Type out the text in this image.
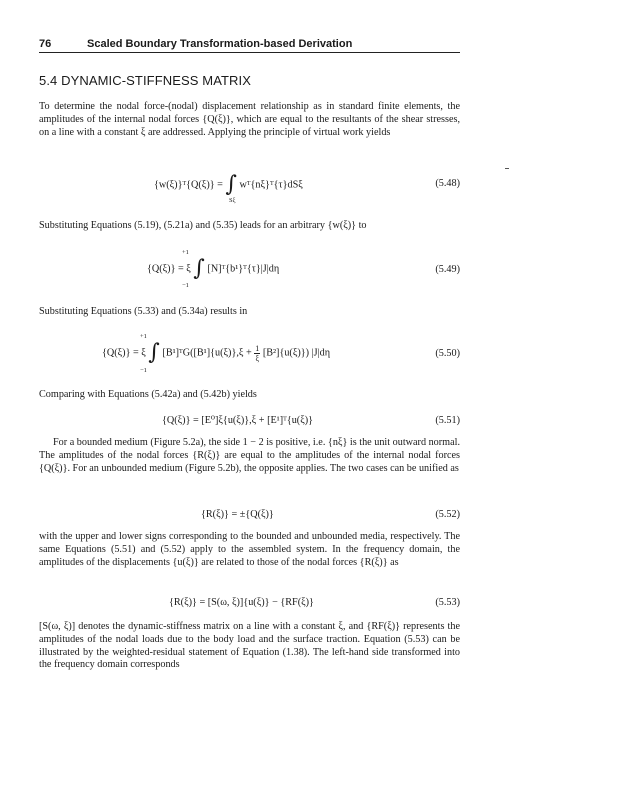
76	Scaled Boundary Transformation-based Derivation
5.4 DYNAMIC-STIFFNESS MATRIX
To determine the nodal force-(nodal) displacement relationship as in standard finite elements, the amplitudes of the internal nodal forces {Q(ξ)}, which are equal to the resultants of the shear stresses, on a line with a constant ξ are addressed. Applying the principle of virtual work yields
{w(ξ)}ᵀ{Q(ξ)} = ∫ wᵀ{nξ}ᵀ{τ}dSξ
Sξ
(5.48)
Substituting Equations (5.19), (5.21a) and (5.35) leads for an arbitrary {w(ξ)} to
+1
{Q(ξ)} = ξ ∫ [N]ᵀ{b¹}ᵀ{τ}|J|dη
−1
(5.49)
Substituting Equations (5.33) and (5.34a) results in
+1
{Q(ξ)} = ξ ∫ [B¹]ᵀG([B¹]{u(ξ)},ξ + $\frac{1}{\xi} [B^2]\{u(\xi)\}$) |J|dη
−1
(5.50)
Comparing with Equations (5.42a) and (5.42b) yields
{Q(ξ)} = [E⁰]ξ{u(ξ)},ξ + [E¹]ᵀ{u(ξ)}	(5.51)
For a bounded medium (Figure 5.2a), the side 1 − 2 is positive, i.e. {nξ} is the unit outward normal. The amplitudes of the nodal forces {R(ξ)} are equal to the amplitudes of the internal nodal forces {Q(ξ)}. For an unbounded medium (Figure 5.2b), the opposite applies. The two cases can be unified as
{R(ξ)} = ±{Q(ξ)}	(5.52)
with the upper and lower signs corresponding to the bounded and unbounded media, respectively. The same Equations (5.51) and (5.52) apply to the assembled system. In the frequency domain, the amplitudes of the displacements {u(ξ)} are related to those of the nodal forces {R(ξ)} as
{R(ξ)} = [S(ω, ξ)]{u(ξ)} − {RF(ξ)}	(5.53)
[S(ω, ξ)] denotes the dynamic-stiffness matrix on a line with a constant ξ, and {RF(ξ)} represents the amplitudes of the nodal loads due to the body load and the surface traction. Equation (5.53) can be illustrated by the weighted-residual statement of Equation (1.38). The left-hand side transformed into the frequency domain corresponds
